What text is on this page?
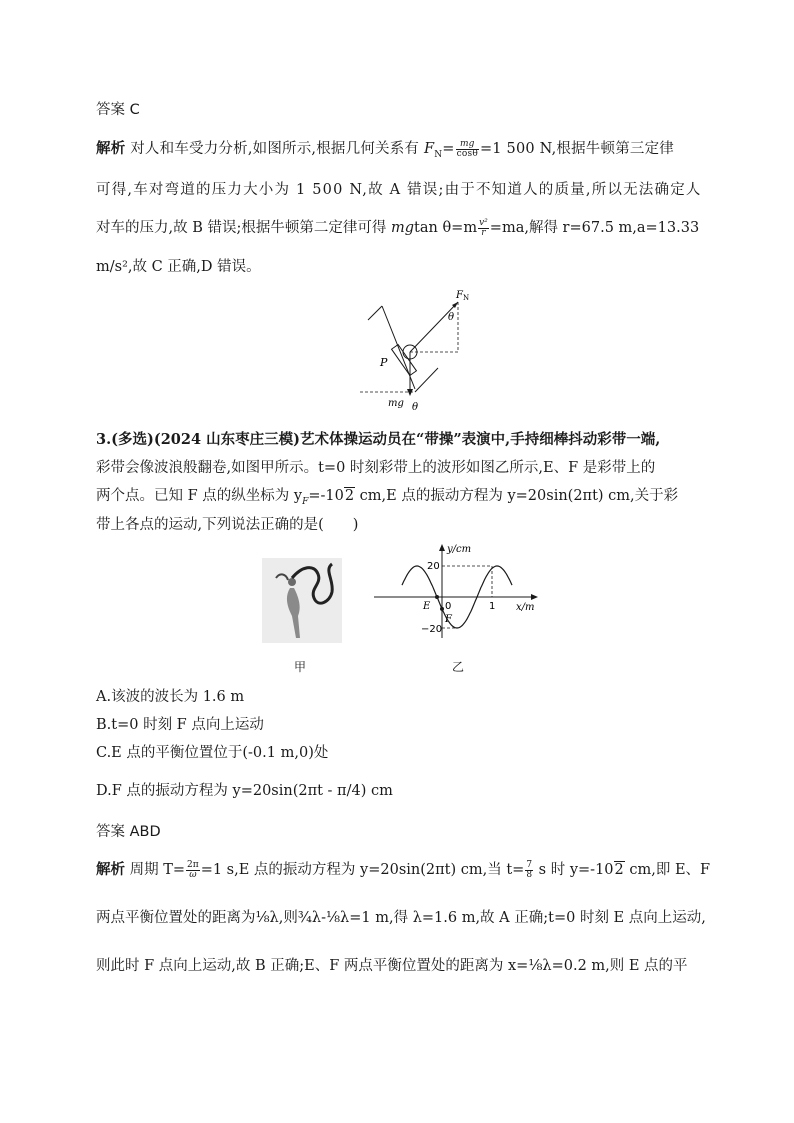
答案 C
解析 对人和车受力分析,如图所示,根据几何关系有 $F_N= \frac{mg}{\cos\theta} =1$ 500 N,根据牛顿第三定律
可得,车对弯道的压力大小为 1 500 N,故 A 错误;由于不知道人的质量,所以无法确定人
对车的压力,故 B 错误;根据牛顿第二定律可得 mgtan $\theta=m \frac{\text{v²}}{r} =ma$,解得 r=67.5 m,a=13.33
m/s²,故 C 正确,D 错误。
$F_N$
θ
P
mg θ
3.(多选)(2024 山东枣庄三模)艺术体操运动员在“带操”表演中,手持细棒抖动彩带一端,
彩带会像波浪般翻卷,如图甲所示。t=0 时刻彩带上的波形如图乙所示,E、F 是彩带上的
两个点。已知 F 点的纵坐标为 $y_F=-102$ cm,E 点的振动方程为 y=20sin(2πt) cm,关于彩
带上各点的运动,下列说法正确的是(　　)
甲
y/cm
x/m
20
−20
0	1
E
F
乙
A.该波的波长为 1.6 m
B.t=0 时刻 F 点向上运动
C.E 点的平衡位置位于(-0.1 m,0)处
D.F 点的振动方程为 y=20sin(2πt - π/4) cm
答案 ABD
解析 周期 $T= \frac{2\pi}{\omega} =1$ s,E 点的振动方程为 y=20sin(2πt) cm,当 $t= \frac{7}{8}$ s 时 y=-102 cm,即 E、F
两点平衡位置处的距离为⅛λ,则¾λ-⅛λ=1 m,得 λ=1.6 m,故 A 正确;t=0 时刻 E 点向上运动,
则此时 F 点向上运动,故 B 正确;E、F 两点平衡位置处的距离为 x=⅛λ=0.2 m,则 E 点的平
